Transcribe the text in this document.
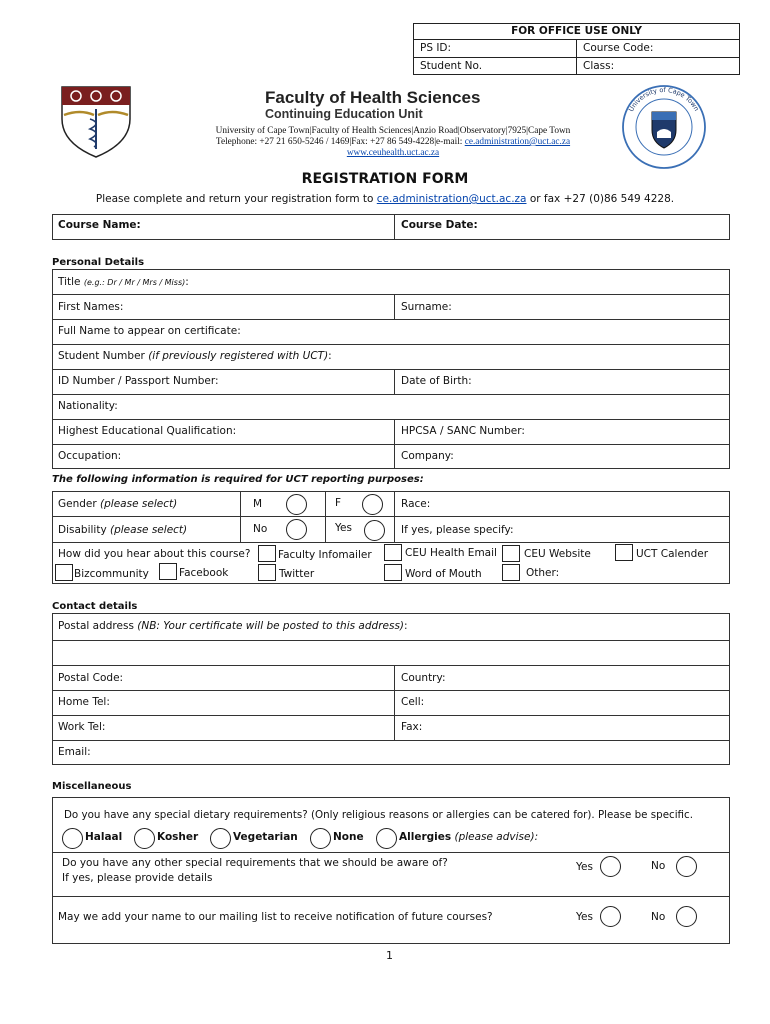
FOR OFFICE USE ONLY
PS ID:	Course Code:
Student No.	Class:
Faculty of Health Sciences
Continuing Education Unit
University of Cape Town|Faculty of Health Sciences|Anzio Road|Observatory|7925|Cape Town
Telephone: +27 21 650-5246 / 1469|Fax: +27 86 549-4228|e-mail: ce.administration@uct.ac.za
www.ceuhealth.uct.ac.za
University of Cape Town
REGISTRATION FORM
Please complete and return your registration form to ce.administration@uct.ac.za or fax +27 (0)86 549 4228.
Course Name:	Course Date:
Personal Details
Title (e.g.: Dr / Mr / Mrs / Miss):
First Names:	Surname:
Full Name to appear on certificate:
Student Number (if previously registered with UCT):
ID Number / Passport Number:	Date of Birth:
Nationality:
Highest Educational Qualification:	HPCSA / SANC Number:
Occupation:	Company:
The following information is required for UCT reporting purposes:
Gender (please select)	M	F	Race:
Disability (please select)	No	Yes	If yes, please specify:
How did you hear about this course?	Faculty Infomailer	CEU Health Email	CEU Website	UCT Calender
Bizcommunity	Facebook	Twitter	Word of Mouth	Other:
Contact details
Postal address (NB: Your certificate will be posted to this address):
Postal Code:	Country:
Home Tel:	Cell:
Work Tel:	Fax:
Email:
Miscellaneous
Do you have any special dietary requirements? (Only religious reasons or allergies can be catered for). Please be specific.
Halaal	Kosher	Vegetarian	None	Allergies (please advise):
Do you have any other special requirements that we should be aware of?
If yes, please provide details
Yes	No
May we add your name to our mailing list to receive notification of future courses?	Yes	No
1
